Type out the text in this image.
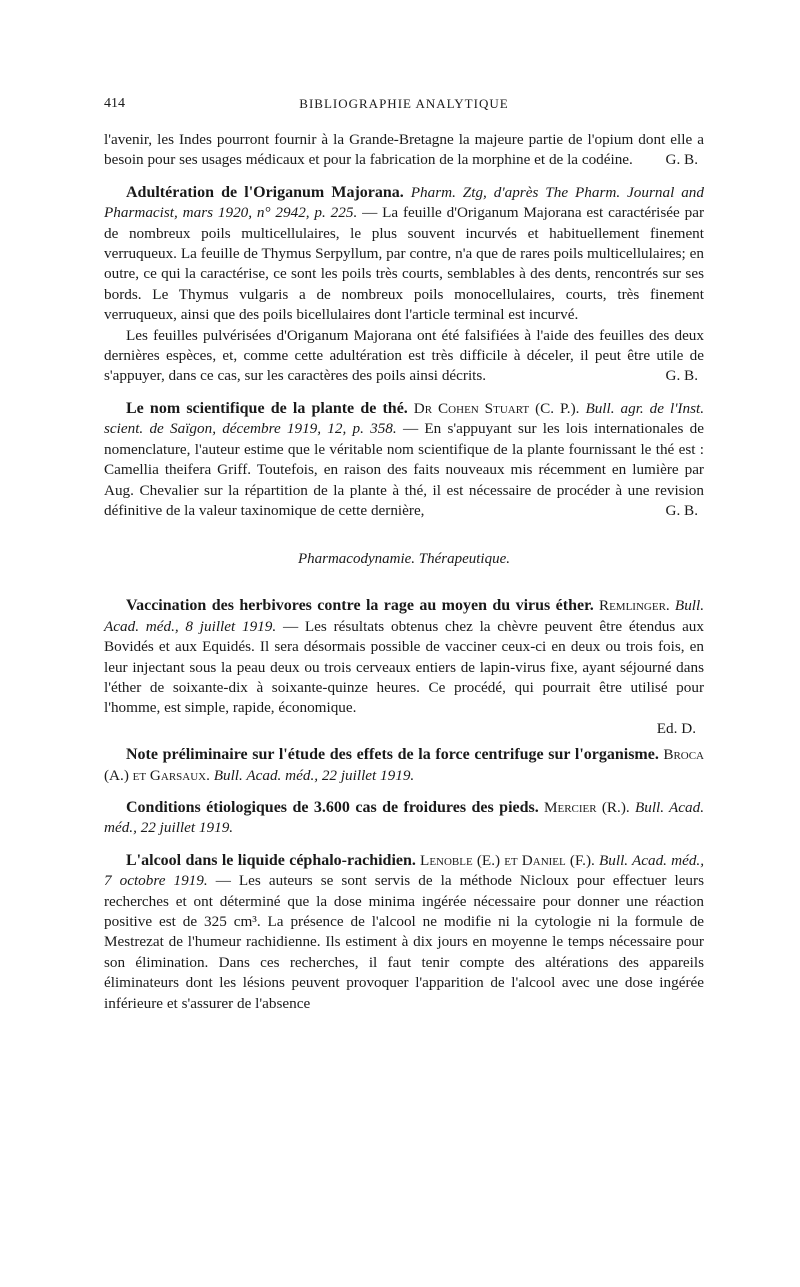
414	BIBLIOGRAPHIE ANALYTIQUE

l'avenir, les Indes pourront fournir à la Grande-Bretagne la majeure partie de l'opium dont elle a besoin pour ses usages médicaux et pour la fabrication de la morphine et de la codéine. G. B.

Adultération de l'Origanum Majorana. Pharm. Ztg, d'après The Pharm. Journal and Pharmacist, mars 1920, n° 2942, p. 225. — La feuille d'Origanum Majorana est caractérisée par de nombreux poils multicellulaires, le plus souvent incurvés et habituellement finement verruqueux. La feuille de Thymus Serpyllum, par contre, n'a que de rares poils multicellulaires; en outre, ce qui la caractérise, ce sont les poils très courts, semblables à des dents, rencontrés sur ses bords. Le Thymus vulgaris a de nombreux poils monocellulaires, courts, très finement verruqueux, ainsi que des poils bicellulaires dont l'article terminal est incurvé.

Les feuilles pulvérisées d'Origanum Majorana ont été falsifiées à l'aide des feuilles des deux dernières espèces, et, comme cette adultération est très difficile à déceler, il peut être utile de s'appuyer, dans ce cas, sur les caractères des poils ainsi décrits.	G. B.

Le nom scientifique de la plante de thé. Dr Cohen Stuart (C. P.). Bull. agr. de l'Inst. scient. de Saïgon, décembre 1919, 12, p. 358. — En s'appuyant sur les lois internationales de nomenclature, l'auteur estime que le véritable nom scientifique de la plante fournissant le thé est : Camellia theifera Griff. Toutefois, en raison des faits nouveaux mis récemment en lumière par Aug. Chevalier sur la répartition de la plante à thé, il est nécessaire de procéder à une revision définitive de la valeur taxinomique de cette dernière,	G. B.

Pharmacodynamie. Thérapeutique.

Vaccination des herbivores contre la rage au moyen du virus éther. Remlinger. Bull. Acad. méd., 8 juillet 1919. — Les résultats obtenus chez la chèvre peuvent être étendus aux Bovidés et aux Equidés. Il sera désormais possible de vacciner ceux-ci en deux ou trois fois, en leur injectant sous la peau deux ou trois cerveaux entiers de lapin-virus fixe, ayant séjourné dans l'éther de soixante-dix à soixante-quinze heures. Ce procédé, qui pourrait être utilisé pour l'homme, est simple, rapide, économique.

Ed. D.

Note préliminaire sur l'étude des effets de la force centrifuge sur l'organisme. Broca (A.) et Garsaux. Bull. Acad. méd., 22 juillet 1919.

Conditions étiologiques de 3.600 cas de froidures des pieds. Mercier (R.). Bull. Acad. méd., 22 juillet 1919.

L'alcool dans le liquide céphalo-rachidien. Lenoble (E.) et Daniel (F.). Bull. Acad. méd., 7 octobre 1919. — Les auteurs se sont servis de la méthode Nicloux pour effectuer leurs recherches et ont déterminé que la dose minima ingérée nécessaire pour donner une réaction positive est de 325 cm³. La présence de l'alcool ne modifie ni la cytologie ni la formule de Mestrezat de l'humeur rachidienne. Ils estiment à dix jours en moyenne le temps nécessaire pour son élimination. Dans ces recherches, il faut tenir compte des altérations des appareils éliminateurs dont les lésions peuvent provoquer l'apparition de l'alcool avec une dose ingérée inférieure et s'assurer de l'absence
